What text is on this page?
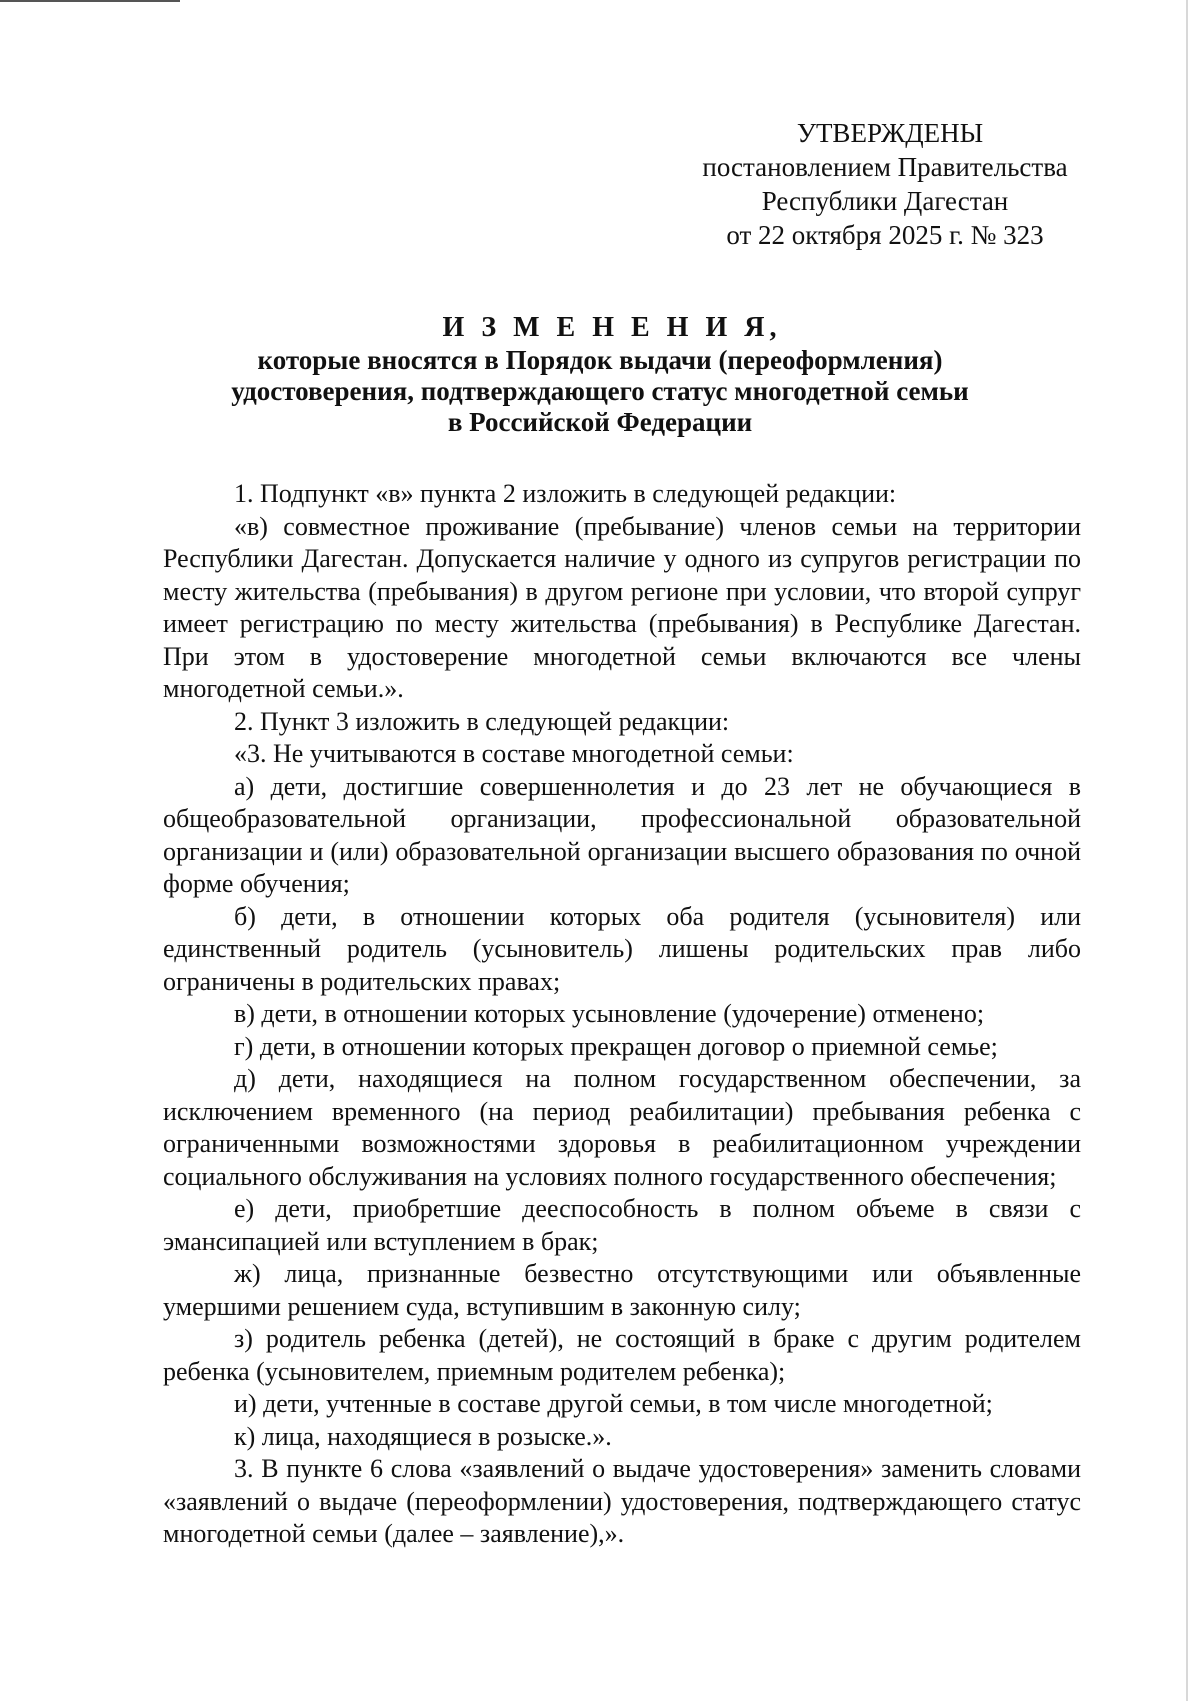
УТВЕРЖДЕНЫ
постановлением Правительства
Республики Дагестан
от 22 октября 2025 г. № 323
И З М Е Н Е Н И Я,
которые вносятся в Порядок выдачи (переоформления)
удостоверения, подтверждающего статус многодетной семьи
в Российской Федерации

1. Подпункт «в» пункта 2 изложить в следующей редакции:

«в) совместное проживание (пребывание) членов семьи на территории Республики Дагестан. Допускается наличие у одного из супругов регистрации по месту жительства (пребывания) в другом регионе при условии, что второй супруг имеет регистрацию по месту жительства (пребывания) в Республике Дагестан. При этом в удостоверение многодетной семьи включаются все члены многодетной семьи.».

2. Пункт 3 изложить в следующей редакции:

«3. Не учитываются в составе многодетной семьи:

а) дети, достигшие совершеннолетия и до 23 лет не обучающиеся в общеобразовательной организации, профессиональной образовательной организации и (или) образовательной организации высшего образования по очной форме обучения;

б) дети, в отношении которых оба родителя (усыновителя) или единственный родитель (усыновитель) лишены родительских прав либо ограничены в родительских правах;

в) дети, в отношении которых усыновление (удочерение) отменено;

г) дети, в отношении которых прекращен договор о приемной семье;

д) дети, находящиеся на полном государственном обеспечении, за исключением временного (на период реабилитации) пребывания ребенка с ограниченными возможностями здоровья в реабилитационном учреждении социального обслуживания на условиях полного государственного обеспечения;

е) дети, приобретшие дееспособность в полном объеме в связи с эмансипацией или вступлением в брак;

ж) лица, признанные безвестно отсутствующими или объявленные умершими решением суда, вступившим в законную силу;

з) родитель ребенка (детей), не состоящий в браке с другим родителем ребенка (усыновителем, приемным родителем ребенка);

и) дети, учтенные в составе другой семьи, в том числе многодетной;

к) лица, находящиеся в розыске.».

3. В пункте 6 слова «заявлений о выдаче удостоверения» заменить словами «заявлений о выдаче (переоформлении) удостоверения, подтверждающего статус многодетной семьи (далее – заявление),».
